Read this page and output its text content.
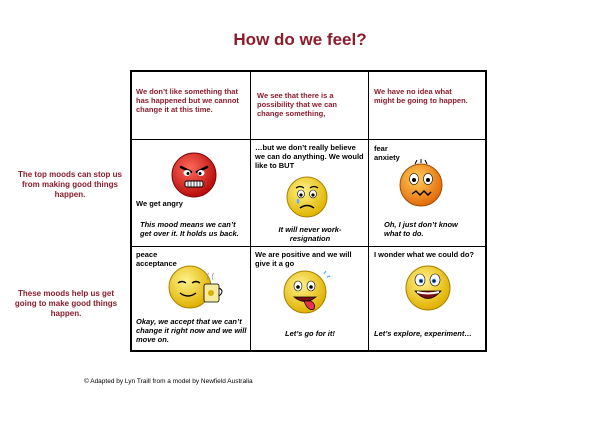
How do we feel?
The top moods can stop us from making good things happen.
These moods help us get going to make good things happen.
We don’t like something that has happened but we cannot change it at this time.
We see that there is a possibility that we can change something,
We have no idea what might be going to happen.
We get angry
This mood means we can’t get over it. It holds us back.
…but we don’t really believe we can do anything. We would like to BUT
It will never work- resignation
fear
anxiety
Oh, I just don’t know what to do.
peace
acceptance
Okay, we accept that we can’t change it right now and we will move on.
We are positive and we will give it a go
Let’s go for it!
I wonder what we could do?
Let’s explore, experiment…
© Adapted by Lyn Traill from a model by Newfield Australia
